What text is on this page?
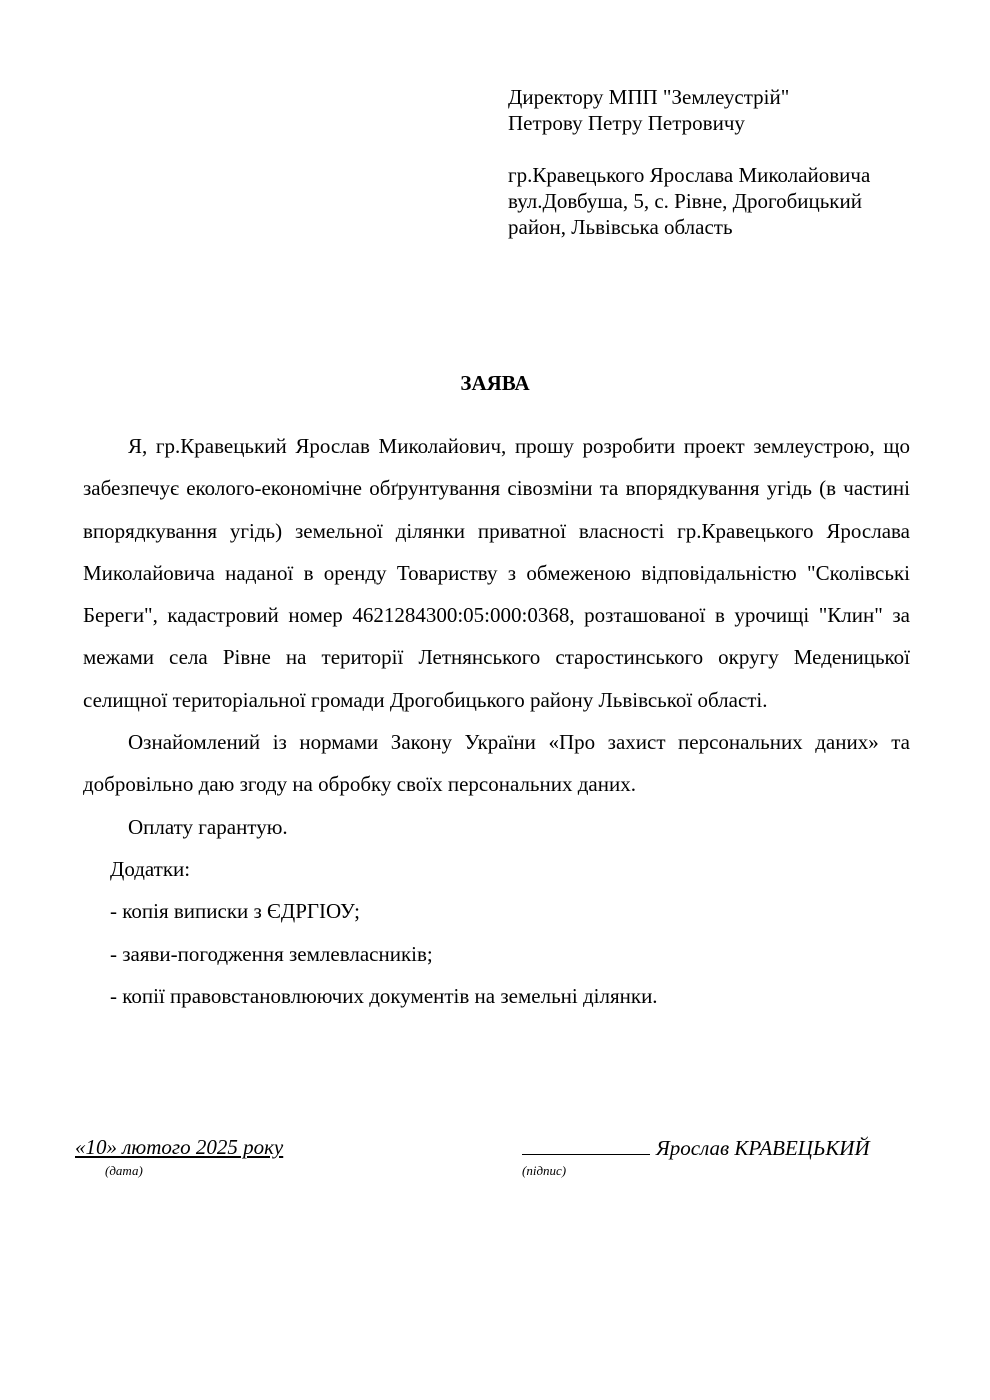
Директору МПП "Землеустрій"
Петрову Петру Петровичу
гр.Кравецького Ярослава Миколайовича
вул.Довбуша, 5, с. Рівне, Дрогобицький
район, Львівська область
ЗАЯВА

Я, гр.Кравецький Ярослав Миколайович, прошу розробити проект землеустрою, що забезпечує еколого-економічне обґрунтування сівозміни та впорядкування угідь (в частині впорядкування угідь) земельної ділянки приватної власності гр.Кравецького Ярослава Миколайовича наданої в оренду Товариству з обмеженою відповідальністю "Сколівські Береги", кадастровий номер 4621284300:05:000:0368, розташованої в урочищі "Клин" за межами села Рівне на території Летнянського старостинського округу Меденицької селищної територіальної громади Дрогобицького району Львівської області.

Ознайомлений із нормами Закону України «Про захист персональних даних» та добровільно даю згоду на обробку своїх персональних даних.

Оплату гарантую.

Додатки:
- копія виписки з ЄДРГІОУ;
- заяви-погодження землевласників;
- копії правовстановлюючих документів на земельні ділянки.
«10» лютого 2025 року
(дата)
Ярослав КРАВЕЦЬКИЙ
(підпис)
